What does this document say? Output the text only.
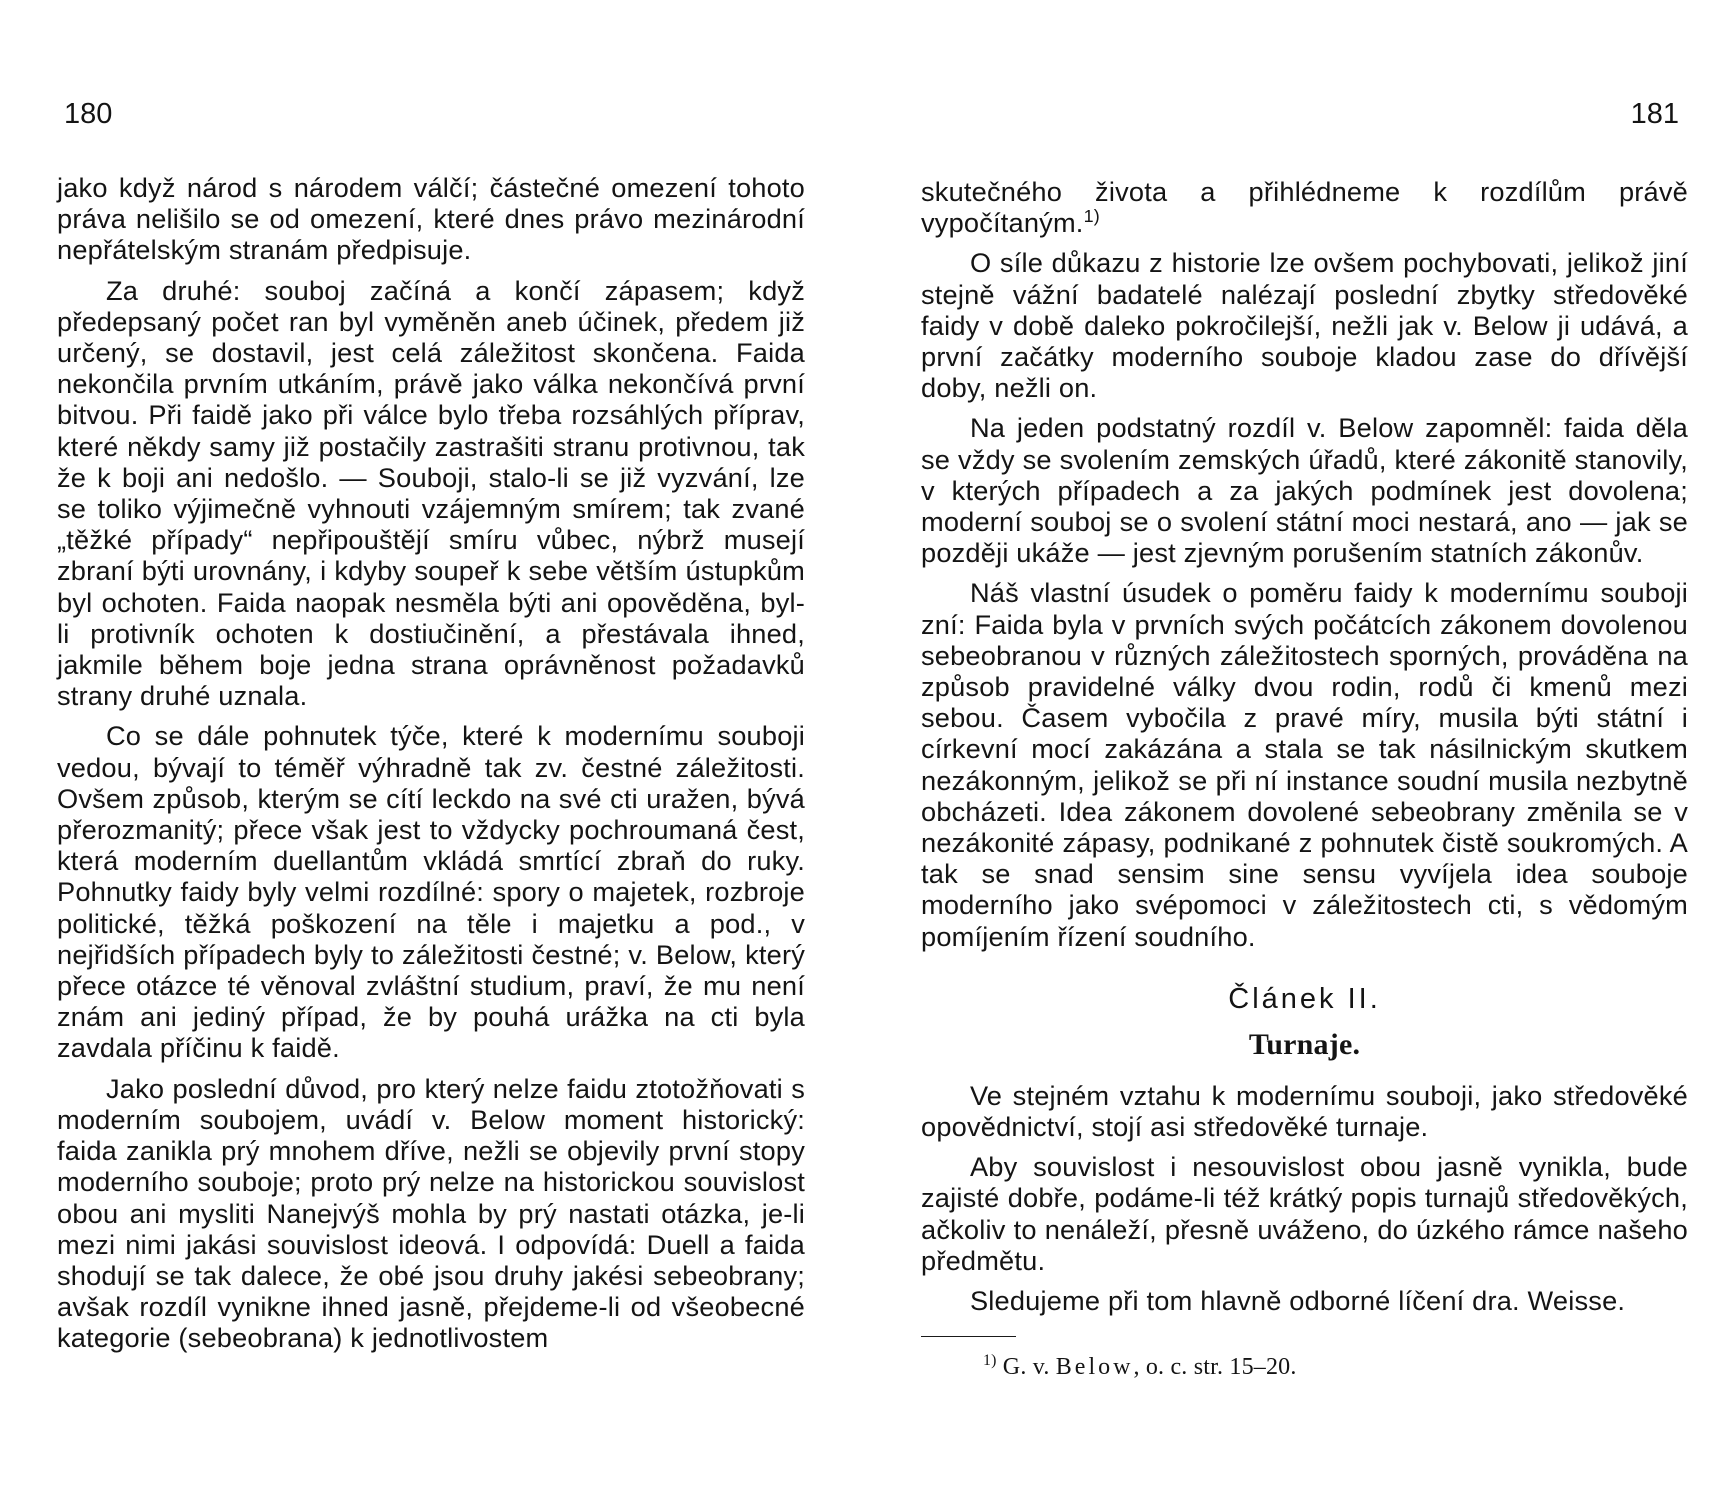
180

jako když národ s národem válčí; částečné omezení tohoto práva nelišilo se od omezení, které dnes právo mezinárodní nepřátelským stranám předpisuje.

Za druhé: souboj začíná a končí zápasem; když předepsaný počet ran byl vyměněn aneb účinek, předem již určený, se dostavil, jest celá záležitost skončena. Faida nekončila prvním utkáním, právě jako válka nekončívá první bitvou. Při faidě jako při válce bylo třeba rozsáhlých příprav, které někdy samy již postačily zastrašiti stranu protivnou, tak že k boji ani nedošlo. — Souboji, stalo-li se již vyzvání, lze se toliko výjimečně vyhnouti vzájemným smírem; tak zvané „těžké případy“ nepřipouštějí smíru vůbec, nýbrž musejí zbraní býti urovnány, i kdyby soupeř k sebe větším ústupkům byl ochoten. Faida naopak nesměla býti ani opověděna, byl-li protivník ochoten k dostiučinění, a přestávala ihned, jakmile během boje jedna strana oprávněnost požadavků strany druhé uznala.

Co se dále pohnutek týče, které k modernímu souboji vedou, bývají to téměř výhradně tak zv. čestné záležitosti. Ovšem způsob, kterým se cítí leckdo na své cti uražen, bývá přerozmanitý; přece však jest to vždycky pochroumaná čest, která moderním duellantům vkládá smrtící zbraň do ruky. Pohnutky faidy byly velmi rozdílné: spory o majetek, rozbroje politické, těžká poškození na těle i majetku a pod., v nejřidších případech byly to záležitosti čestné; v. Below, který přece otázce té věnoval zvláštní studium, praví, že mu není znám ani jediný případ, že by pouhá urážka na cti byla zavdala příčinu k faidě.

Jako poslední důvod, pro který nelze faidu ztotožňovati s moderním soubojem, uvádí v. Below moment historický: faida zanikla prý mnohem dříve, nežli se objevily první stopy moderního souboje; proto prý nelze na historickou souvislost obou ani mysliti Nanejvýš mohla by prý nastati otázka, je-li mezi nimi jakási souvislost ideová. I odpovídá: Duell a faida shodují se tak dalece, že obé jsou druhy jakési sebeobrany; avšak rozdíl vynikne ihned jasně, přejdeme-li od všeobecné kategorie (sebeobrana) k jednotlivostem

181

skutečného života a přihlédneme k rozdílům právě vypočítaným.$^{1)}$

O síle důkazu z historie lze ovšem pochybovati, jelikož jiní stejně vážní badatelé nalézají poslední zbytky středověké faidy v době daleko pokročilejší, nežli jak v. Below ji udává, a první začátky moderního souboje kladou zase do dřívější doby, nežli on.

Na jeden podstatný rozdíl v. Below zapomněl: faida děla se vždy se svolením zemských úřadů, které zákonitě stanovily, v kterých případech a za jakých podmínek jest dovolena; moderní souboj se o svolení státní moci nestará, ano — jak se později ukáže — jest zjevným porušením statních zákonův.

Náš vlastní úsudek o poměru faidy k modernímu souboji zní: Faida byla v prvních svých počátcích zákonem dovolenou sebeobranou v různých záležitostech sporných, prováděna na způsob pravidelné války dvou rodin, rodů či kmenů mezi sebou. Časem vybočila z pravé míry, musila býti státní i církevní mocí zakázána a stala se tak násilnickým skutkem nezákonným, jelikož se při ní instance soudní musila nezbytně obcházeti. Idea zákonem dovolené sebeobrany změnila se v nezákonité zápasy, podnikané z pohnutek čistě soukromých. A tak se snad sensim sine sensu vyvíjela idea souboje moderního jako svépomoci v záležitostech cti, s vědomým pomíjením řízení soudního.

Článek II.
Turnaje.

Ve stejném vztahu k modernímu souboji, jako středověké opovědnictví, stojí asi středověké turnaje.

Aby souvislost i nesouvislost obou jasně vynikla, bude zajisté dobře, podáme-li též krátký popis turnajů středověkých, ačkoliv to nenáleží, přesně uváženo, do úzkého rámce našeho předmětu.

Sledujeme při tom hlavně odborné líčení dra. Weisse.

$^{1)}$ G. v. Below, o. c. str. 15–20.
